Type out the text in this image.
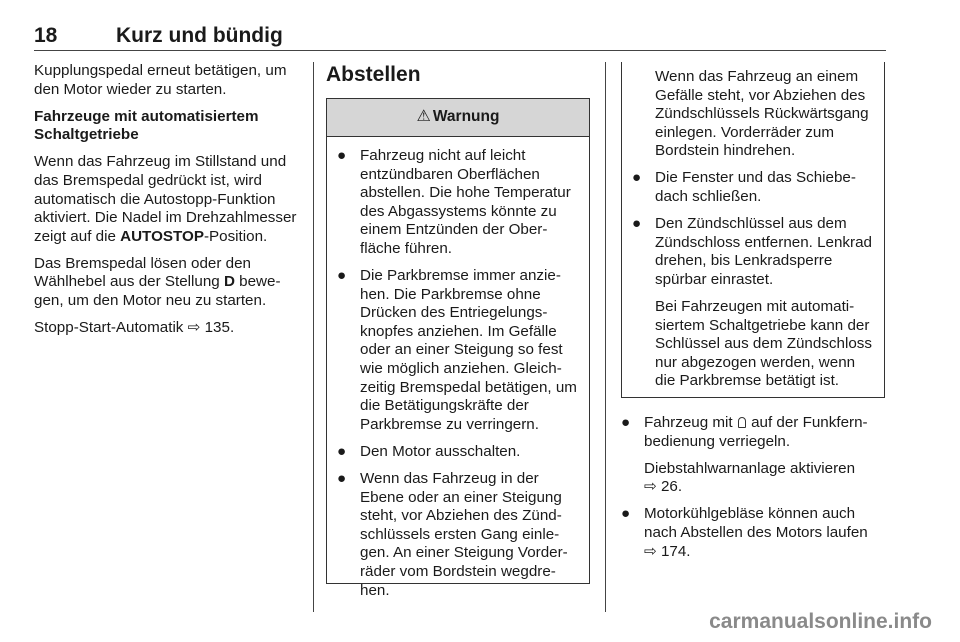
18	Kurz und bündig

Kupplungspedal erneut betätigen, um den Motor wieder zu starten.

Fahrzeuge mit automatisiertem Schaltgetriebe

Wenn das Fahrzeug im Stillstand und das Bremspedal gedrückt ist, wird automatisch die Autostopp-Funktion aktiviert. Die Nadel im Drehzahlmesser zeigt auf die AUTOSTOP-Position.

Das Bremspedal lösen oder den Wählhebel aus der Stellung D bewegen, um den Motor neu zu starten.

Stopp-Start-Automatik ⇨ 135.

Abstellen
⚠ Warnung
● Fahrzeug nicht auf leicht entzündbaren Oberflächen abstellen. Die hohe Temperatur des Abgassystems könnte zu einem Entzünden der Oberfläche führen.
● Die Parkbremse immer anziehen. Die Parkbremse ohne Drücken des Entriegelungsknopfes anziehen. Im Gefälle oder an einer Steigung so fest wie möglich anziehen. Gleichzeitig Bremspedal betätigen, um die Betätigungskräfte der Parkbremse zu verringern.
● Den Motor ausschalten.
● Wenn das Fahrzeug in der Ebene oder an einer Steigung steht, vor Abziehen des Zündschlüssels ersten Gang einlegen. An einer Steigung Vorderräder vom Bordstein wegdrehen.

Wenn das Fahrzeug an einem Gefälle steht, vor Abziehen des Zündschlüssels Rückwärtsgang einlegen. Vorderräder zum Bordstein hindrehen.

● Die Fenster und das Schiebedach schließen.
● Den Zündschlüssel aus dem Zündschloss entfernen. Lenkrad drehen, bis Lenkradsperre spürbar einrastet.

Bei Fahrzeugen mit automatisiertem Schaltgetriebe kann der Schlüssel aus dem Zündschloss nur abgezogen werden, wenn die Parkbremse betätigt ist.

● Fahrzeug mit  auf der Funkfernbedienung verriegeln.

Diebstahlwarnanlage aktivieren
⇨ 26.

● Motorkühlgebläse können auch nach Abstellen des Motors laufen
⇨ 174.
carmanualsonline.info
